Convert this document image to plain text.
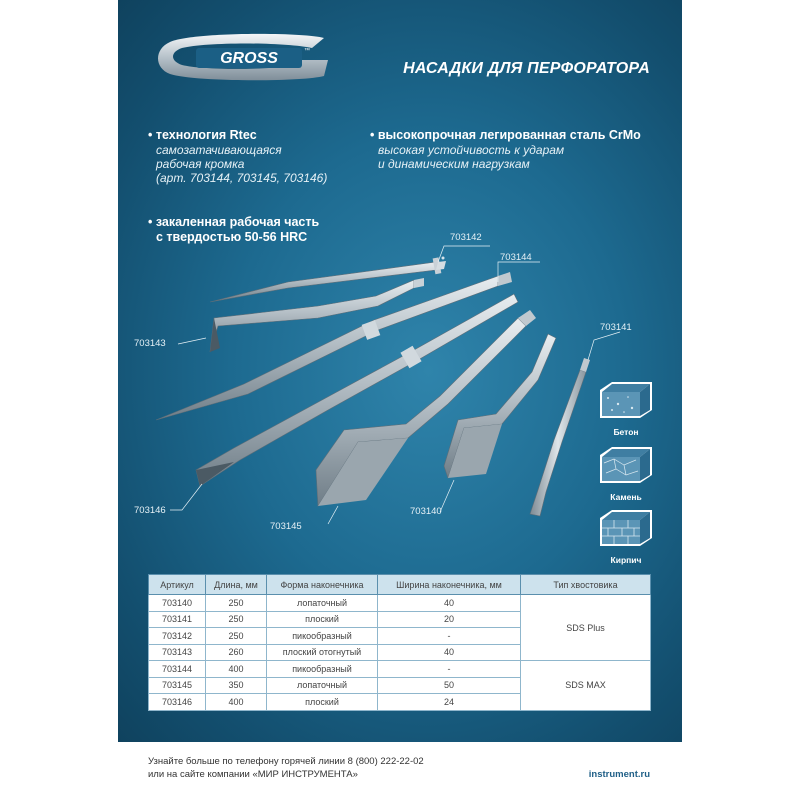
GROSS	™
НАСАДКИ ДЛЯ ПЕРФОРАТОРА
• технология Rtec
самозатачивающаяся
рабочая кромка
(арт. 703144, 703145, 703146)
• высокопрочная легированная сталь CrMo
высокая устойчивость к ударам
и динамическим нагрузкам
• закаленная рабочая часть
с твердостью 50-56 HRC	703142
703144
703143
703141
703146
703145
703140
Бетон
Камень
Кирпич
Артикул	Длина, мм	Форма наконечника	Ширина наконечника, мм	Тип хвостовика
703140	250	лопаточный	40	SDS Plus
703141	250	плоский	20	
703142	250	пикообразный	-	
703143	260	плоский отогнутый	40	
703144	400	пикообразный	-	SDS MAX
703145	350	лопаточный	50	
703146	400	плоский	24	
Узнайте больше по телефону горячей линии 8 (800) 222-22-02
или на сайте компании «МИР ИНСТРУМЕНТА»	instrument.ru
